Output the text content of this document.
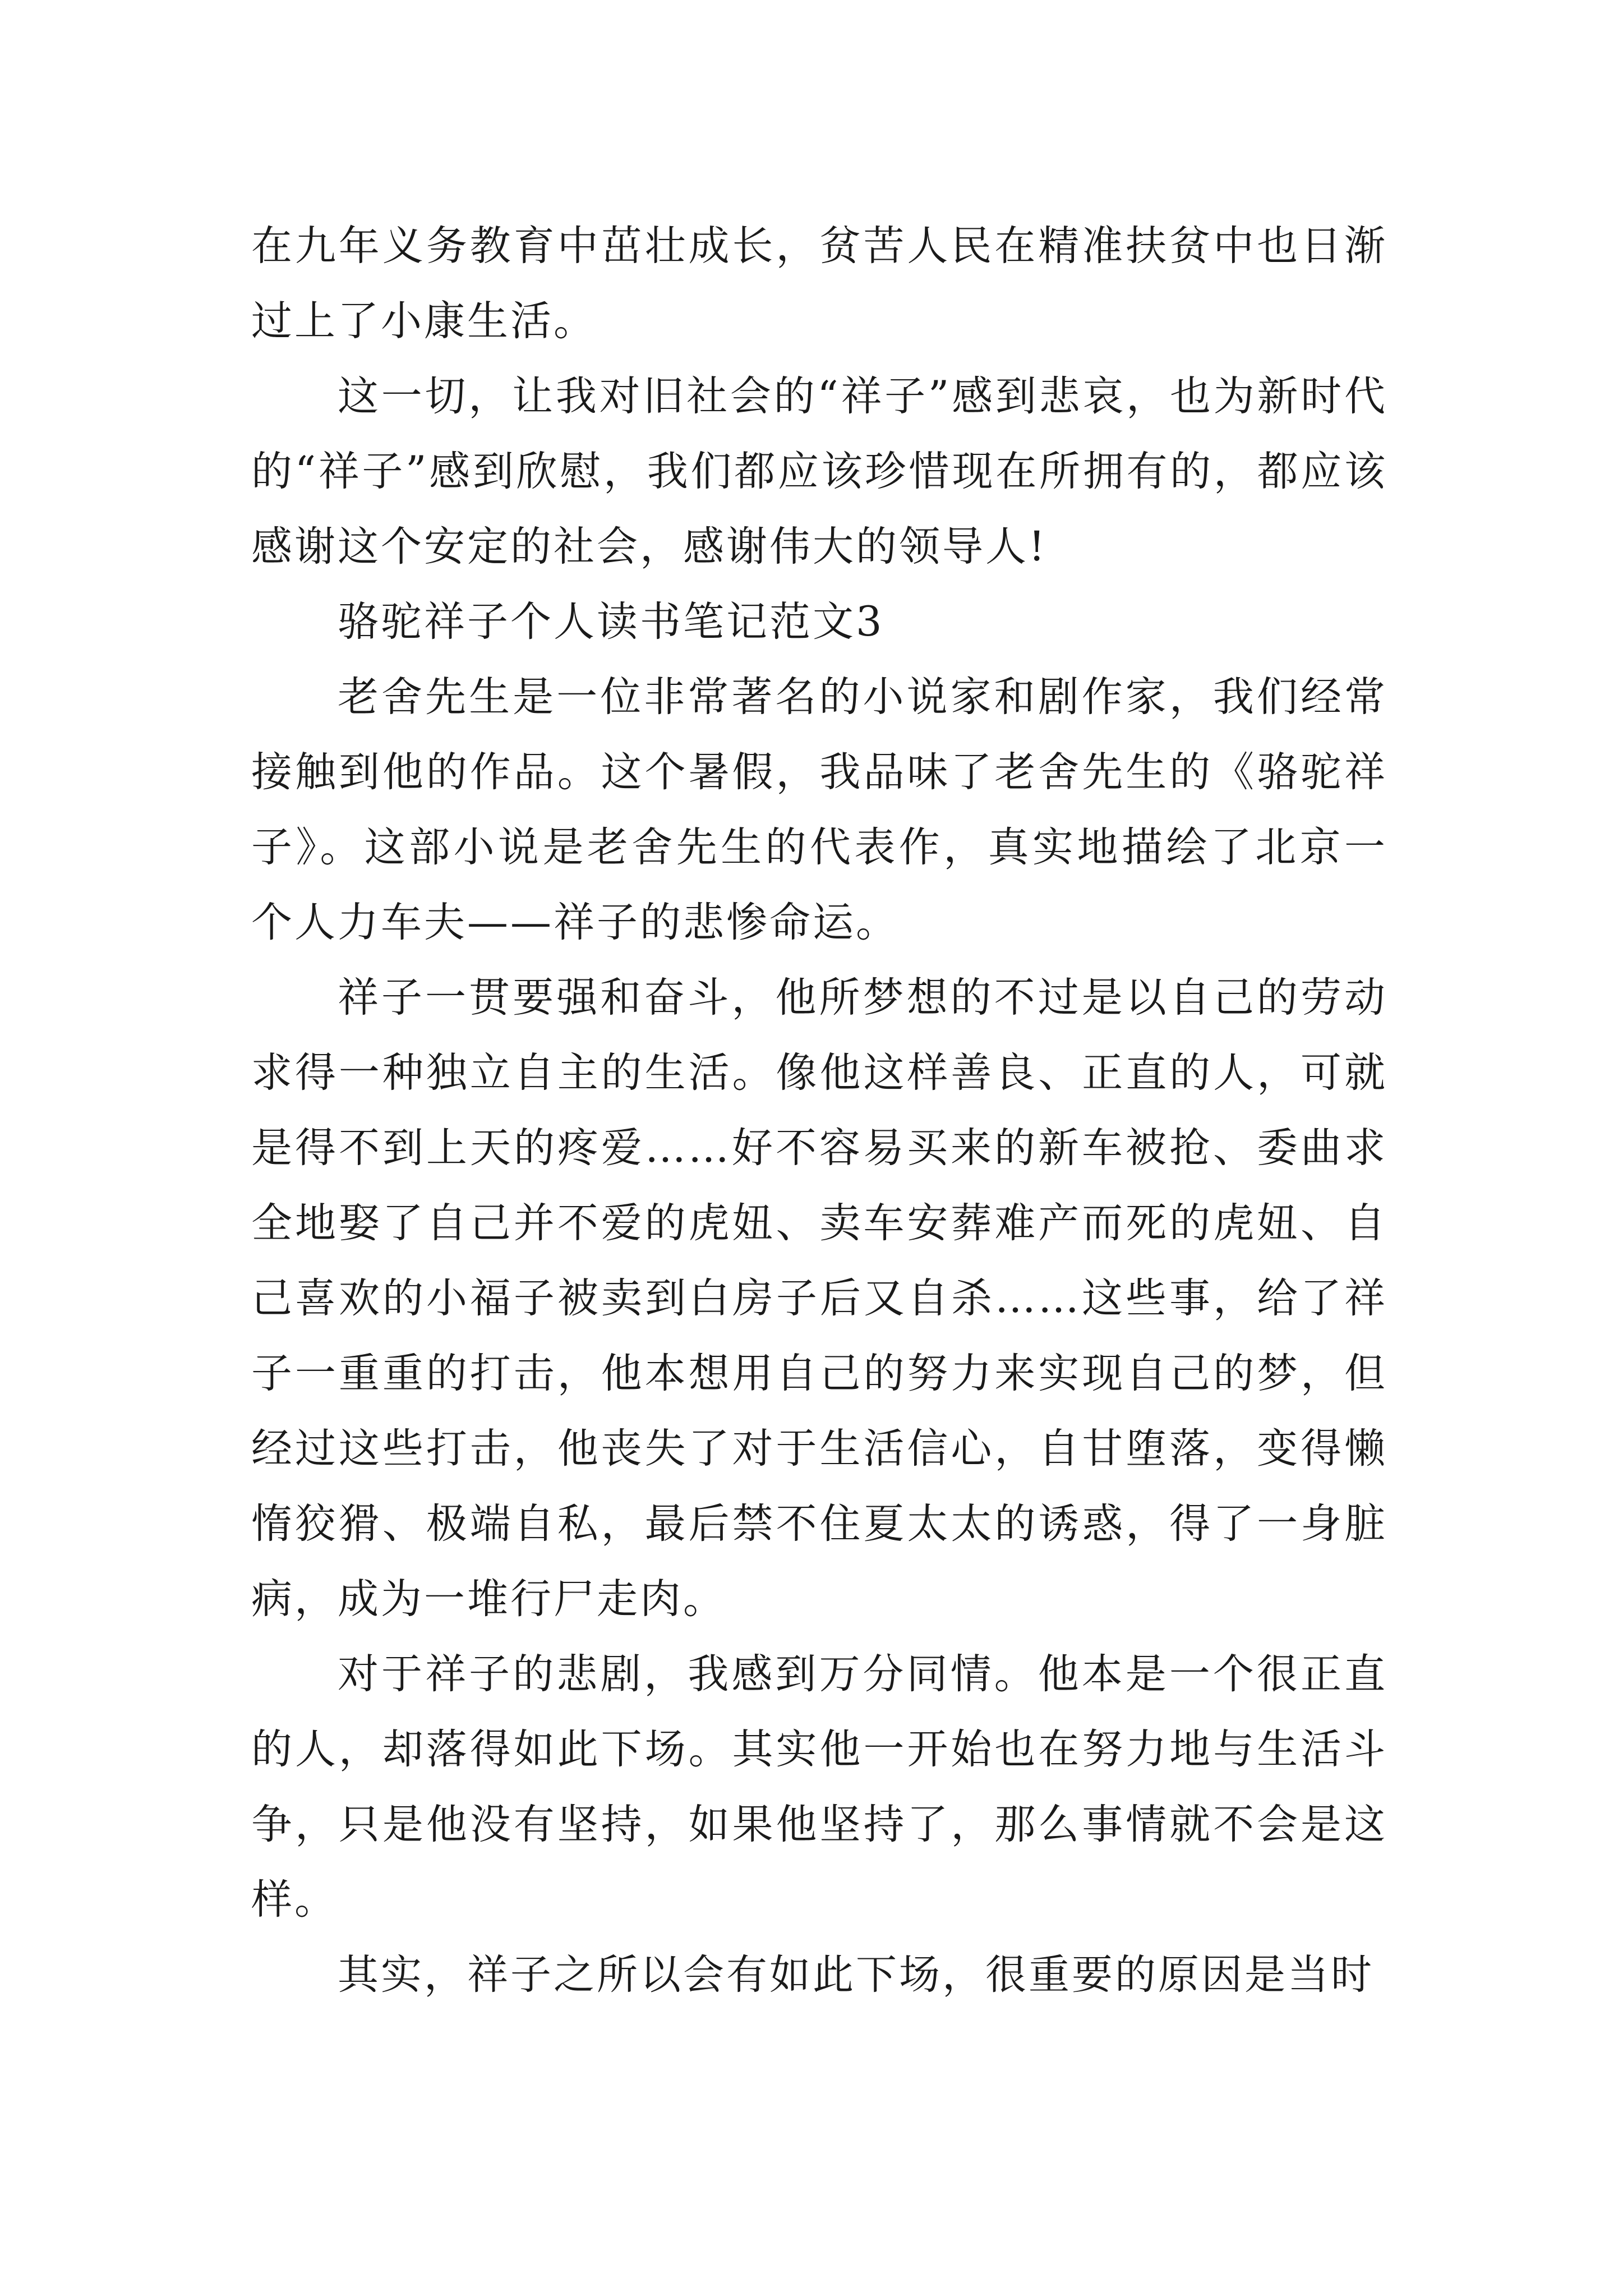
在九年义务教育中茁壮成长，贫苦人民在精准扶贫中也日渐过上了小康生活。

这一切，让我对旧社会的“祥子”感到悲哀，也为新时代的“祥子”感到欣慰，我们都应该珍惜现在所拥有的，都应该感谢这个安定的社会，感谢伟大的领导人!

骆驼祥子个人读书笔记范文3

老舍先生是一位非常著名的小说家和剧作家，我们经常接触到他的作品。这个暑假，我品味了老舍先生的《骆驼祥子》。这部小说是老舍先生的代表作，真实地描绘了北京一个人力车夫——祥子的悲惨命运。

祥子一贯要强和奋斗，他所梦想的不过是以自己的劳动求得一种独立自主的生活。像他这样善良、正直的人，可就是得不到上天的疼爱……好不容易买来的新车被抢、委曲求全地娶了自己并不爱的虎妞、卖车安葬难产而死的虎妞、自己喜欢的小福子被卖到白房子后又自杀……这些事，给了祥子一重重的打击，他本想用自己的努力来实现自己的梦，但经过这些打击，他丧失了对于生活信心，自甘堕落，变得懒惰狡猾、极端自私，最后禁不住夏太太的诱惑，得了一身脏病，成为一堆行尸走肉。

对于祥子的悲剧，我感到万分同情。他本是一个很正直的人，却落得如此下场。其实他一开始也在努力地与生活斗争，只是他没有坚持，如果他坚持了，那么事情就不会是这样。

其实，祥子之所以会有如此下场，很重要的原因是当时
